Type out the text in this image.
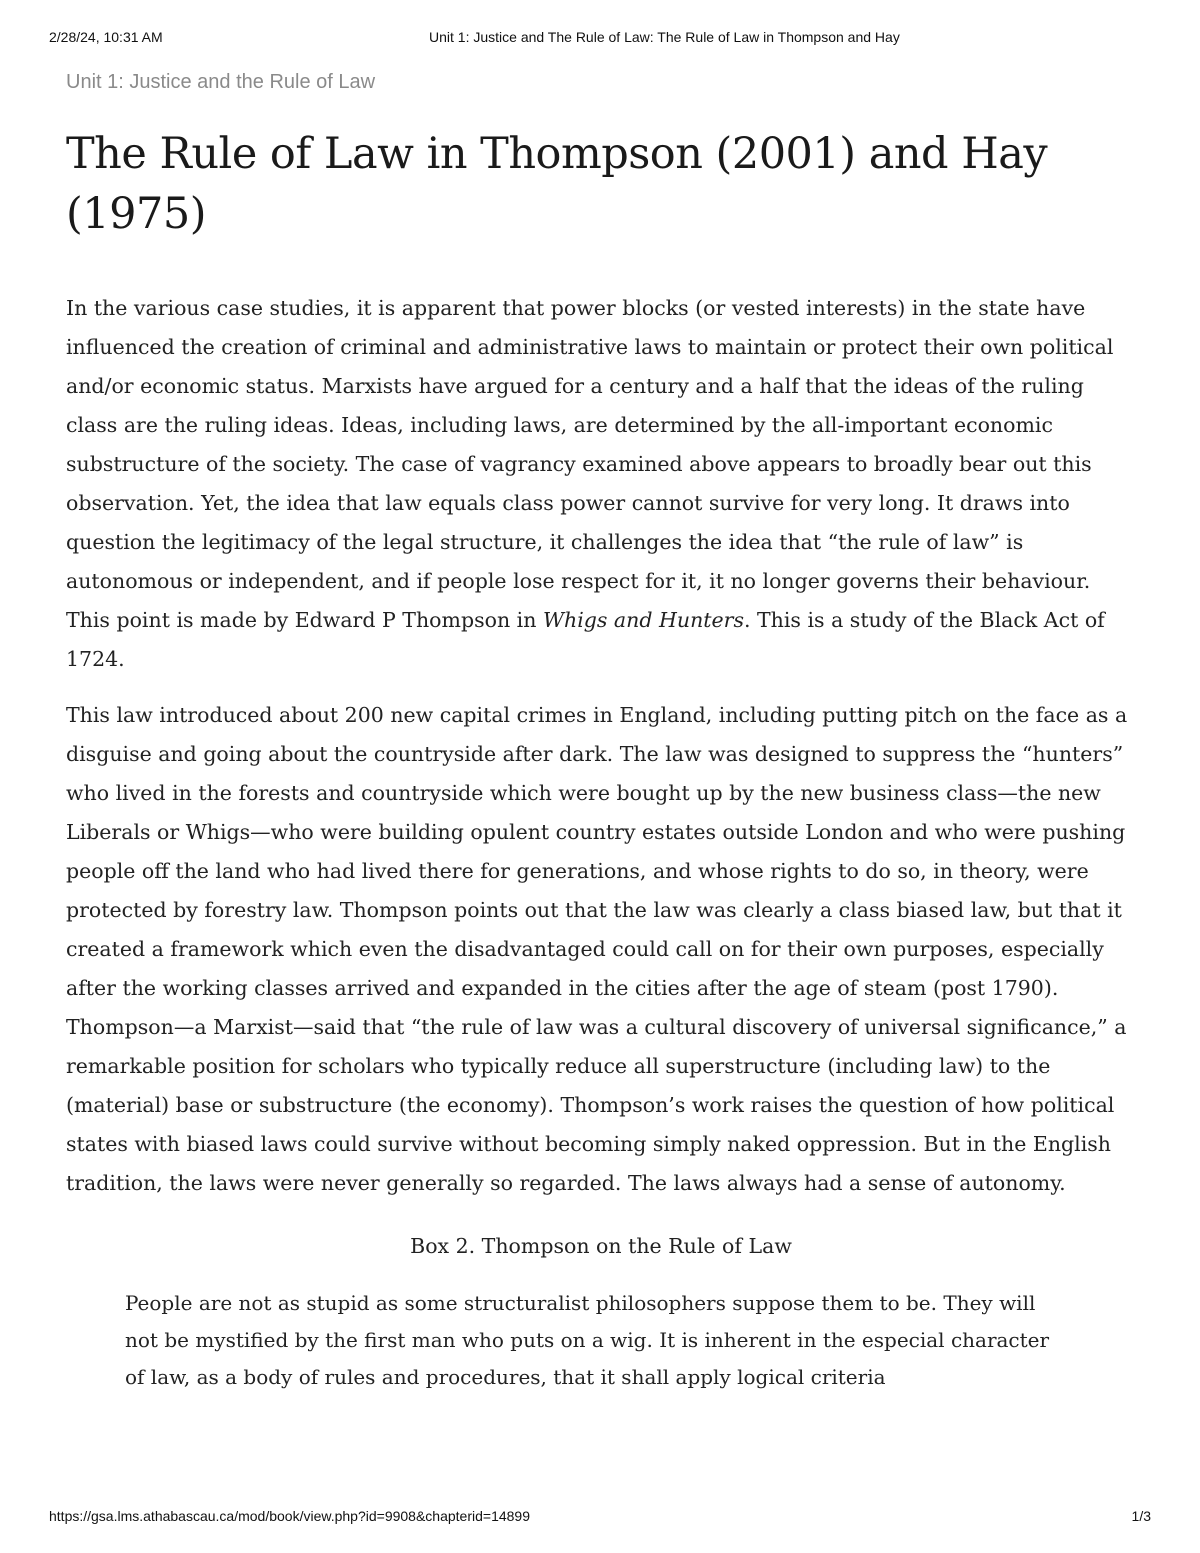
2/28/24, 10:31 AM	Unit 1: Justice and The Rule of Law: The Rule of Law in Thompson and Hay

Unit 1: Justice and the Rule of Law

The Rule of Law in Thompson (2001) and Hay (1975)

In the various case studies, it is apparent that power blocks (or vested interests) in the state have influenced the creation of criminal and administrative laws to maintain or protect their own political and/or economic status. Marxists have argued for a century and a half that the ideas of the ruling class are the ruling ideas. Ideas, including laws, are determined by the all-important economic substructure of the society. The case of vagrancy examined above appears to broadly bear out this observation. Yet, the idea that law equals class power cannot survive for very long. It draws into question the legitimacy of the legal structure, it challenges the idea that “the rule of law” is autonomous or independent, and if people lose respect for it, it no longer governs their behaviour. This point is made by Edward P Thompson in Whigs and Hunters. This is a study of the Black Act of 1724.

This law introduced about 200 new capital crimes in England, including putting pitch on the face as a disguise and going about the countryside after dark. The law was designed to suppress the “hunters” who lived in the forests and countryside which were bought up by the new business class—the new Liberals or Whigs—who were building opulent country estates outside London and who were pushing people off the land who had lived there for generations, and whose rights to do so, in theory, were protected by forestry law. Thompson points out that the law was clearly a class biased law, but that it created a framework which even the disadvantaged could call on for their own purposes, especially after the working classes arrived and expanded in the cities after the age of steam (post 1790). Thompson—a Marxist—said that “the rule of law was a cultural discovery of universal significance,” a remarkable position for scholars who typically reduce all superstructure (including law) to the (material) base or substructure (the economy). Thompson’s work raises the question of how political states with biased laws could survive without becoming simply naked oppression. But in the English tradition, the laws were never generally so regarded. The laws always had a sense of autonomy.

Box 2. Thompson on the Rule of Law

People are not as stupid as some structuralist philosophers suppose them to be. They will not be mystified by the first man who puts on a wig. It is inherent in the especial character of law, as a body of rules and procedures, that it shall apply logical criteria

https://gsa.lms.athabascau.ca/mod/book/view.php?id=9908&chapterid=14899	1/3
